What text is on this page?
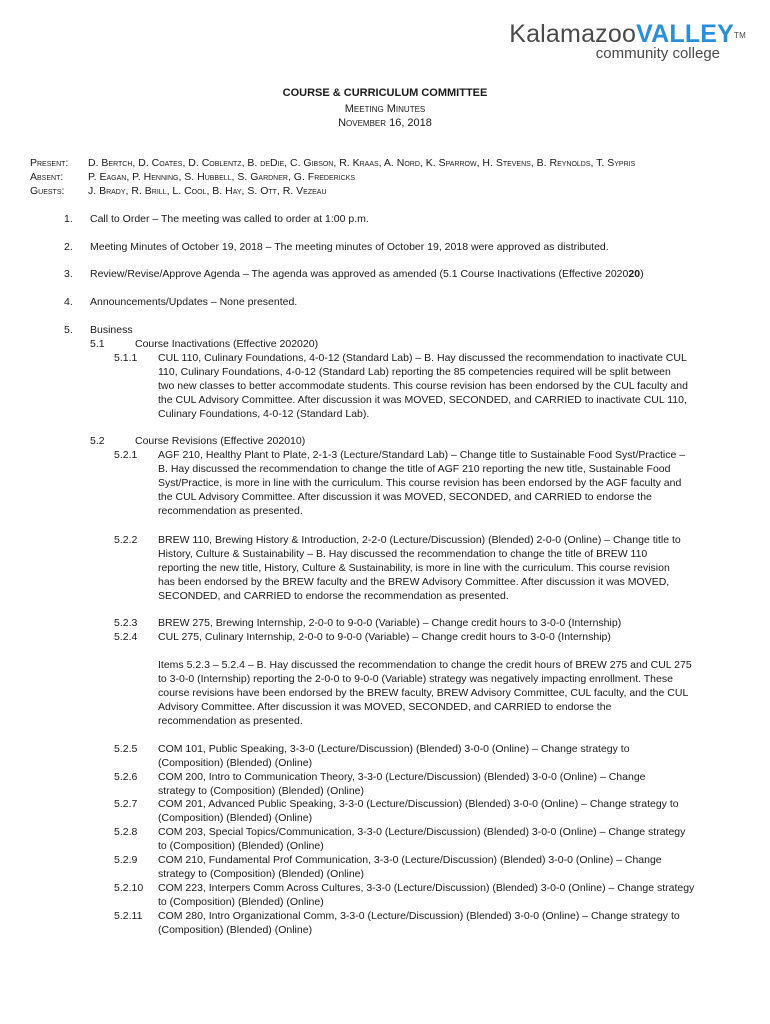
KalamazooVALLEY™
community college
COURSE & CURRICULUM COMMITTEE
Meeting Minutes
November 16, 2018
Present: D. Bertch, D. Coates, D. Coblentz, B. deDie, C. Gibson, R. Kraas, A. Nord, K. Sparrow, H. Stevens, B. Reynolds, T. Sypris
Absent: P. Eagan, P. Henning, S. Hubbell, S. Gardner, G. Fredericks
Guests: J. Brady, R. Brill, L. Cool, B. Hay, S. Ott, R. Vezeau
1. Call to Order – The meeting was called to order at 1:00 p.m.
2. Meeting Minutes of October 19, 2018 – The meeting minutes of October 19, 2018 were approved as distributed.
3. Review/Revise/Approve Agenda – The agenda was approved as amended (5.1 Course Inactivations (Effective 202020)
4. Announcements/Updates – None presented.
5. Business
5.1	Course Inactivations (Effective 202020)
5.1.1 CUL 110, Culinary Foundations, 4-0-12 (Standard Lab) – B. Hay discussed the recommendation to inactivate CUL
110, Culinary Foundations, 4-0-12 (Standard Lab) reporting the 85 competencies required will be split between
two new classes to better accommodate students. This course revision has been endorsed by the CUL faculty and
the CUL Advisory Committee. After discussion it was MOVED, SECONDED, and CARRIED to inactivate CUL 110,
Culinary Foundations, 4-0-12 (Standard Lab).
5.2	Course Revisions (Effective 202010)
5.2.1 AGF 210, Healthy Plant to Plate, 2-1-3 (Lecture/Standard Lab) – Change title to Sustainable Food Syst/Practice –
B. Hay discussed the recommendation to change the title of AGF 210 reporting the new title, Sustainable Food
Syst/Practice, is more in line with the curriculum. This course revision has been endorsed by the AGF faculty and
the CUL Advisory Committee. After discussion it was MOVED, SECONDED, and CARRIED to endorse the
recommendation as presented.
5.2.2 BREW 110, Brewing History & Introduction, 2-2-0 (Lecture/Discussion) (Blended) 2-0-0 (Online) – Change title to
History, Culture & Sustainability – B. Hay discussed the recommendation to change the title of BREW 110
reporting the new title, History, Culture & Sustainability, is more in line with the curriculum. This course revision
has been endorsed by the BREW faculty and the BREW Advisory Committee. After discussion it was MOVED,
SECONDED, and CARRIED to endorse the recommendation as presented.
5.2.3 BREW 275, Brewing Internship, 2-0-0 to 9-0-0 (Variable) – Change credit hours to 3-0-0 (Internship)
5.2.4 CUL 275, Culinary Internship, 2-0-0 to 9-0-0 (Variable) – Change credit hours to 3-0-0 (Internship)
Items 5.2.3 – 5.2.4 – B. Hay discussed the recommendation to change the credit hours of BREW 275 and CUL 275
to 3-0-0 (Internship) reporting the 2-0-0 to 9-0-0 (Variable) strategy was negatively impacting enrollment. These
course revisions have been endorsed by the BREW faculty, BREW Advisory Committee, CUL faculty, and the CUL
Advisory Committee. After discussion it was MOVED, SECONDED, and CARRIED to endorse the
recommendation as presented.
5.2.5 COM 101, Public Speaking, 3-3-0 (Lecture/Discussion) (Blended) 3-0-0 (Online) – Change strategy to
(Composition) (Blended) (Online)
5.2.6 COM 200, Intro to Communication Theory, 3-3-0 (Lecture/Discussion) (Blended) 3-0-0 (Online) – Change
strategy to (Composition) (Blended) (Online)
5.2.7 COM 201, Advanced Public Speaking, 3-3-0 (Lecture/Discussion) (Blended) 3-0-0 (Online) – Change strategy to
(Composition) (Blended) (Online)
5.2.8 COM 203, Special Topics/Communication, 3-3-0 (Lecture/Discussion) (Blended) 3-0-0 (Online) – Change strategy
to (Composition) (Blended) (Online)
5.2.9 COM 210, Fundamental Prof Communication, 3-3-0 (Lecture/Discussion) (Blended) 3-0-0 (Online) – Change
strategy to (Composition) (Blended) (Online)
5.2.10 COM 223, Interpers Comm Across Cultures, 3-3-0 (Lecture/Discussion) (Blended) 3-0-0 (Online) – Change strategy
to (Composition) (Blended) (Online)
5.2.11 COM 280, Intro Organizational Comm, 3-3-0 (Lecture/Discussion) (Blended) 3-0-0 (Online) – Change strategy to
(Composition) (Blended) (Online)
